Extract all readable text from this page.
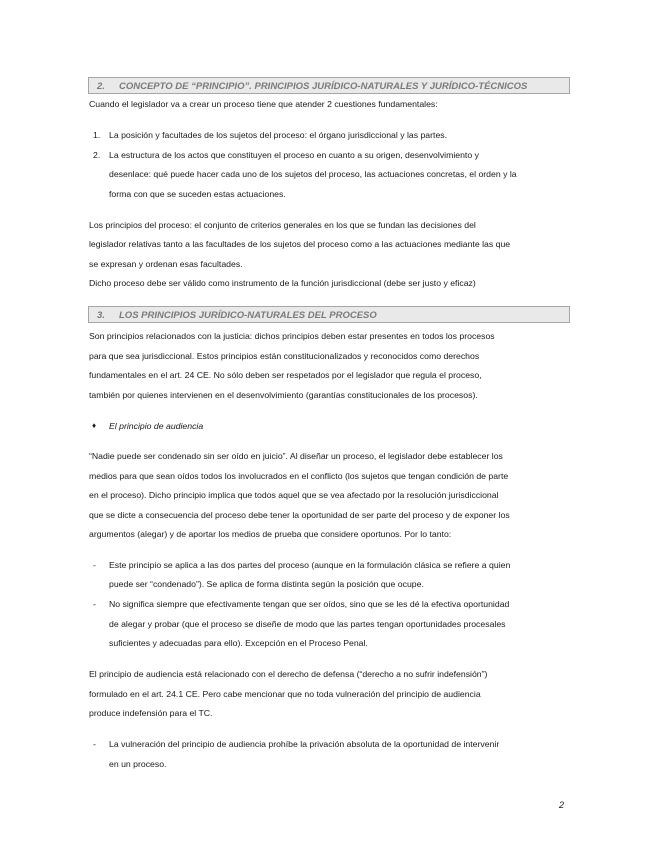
2. CONCEPTO DE “PRINCIPIO”. PRINCIPIOS JURÍDICO-NATURALES Y JURÍDICO-TÉCNICOS
Cuando el legislador va a crear un proceso tiene que atender 2 cuestiones fundamentales:
1. La posición y facultades de los sujetos del proceso: el órgano jurisdiccional y las partes.
2. La estructura de los actos que constituyen el proceso en cuanto a su origen, desenvolvimiento y
desenlace: qué puede hacer cada uno de los sujetos del proceso, las actuaciones concretas, el orden y la
forma con que se suceden estas actuaciones.
Los principios del proceso: el conjunto de criterios generales en los que se fundan las decisiones del
legislador relativas tanto a las facultades de los sujetos del proceso como a las actuaciones mediante las que
se expresan y ordenan esas facultades.
Dicho proceso debe ser válido como instrumento de la función jurisdiccional (debe ser justo y eficaz)
3. LOS PRINCIPIOS JURÍDICO-NATURALES DEL PROCESO
Son principios relacionados con la justicia: dichos principios deben estar presentes en todos los procesos
para que sea jurisdiccional. Estos principios están constitucionalizados y reconocidos como derechos
fundamentales en el art. 24 CE. No sólo deben ser respetados por el legislador que regula el proceso,
también por quienes intervienen en el desenvolvimiento (garantías constitucionales de los procesos).
♦ El principio de audiencia
“Nadie puede ser condenado sin ser oído en juicio”. Al diseñar un proceso, el legislador debe establecer los
medios para que sean oídos todos los involucrados en el conflicto (los sujetos que tengan condición de parte
en el proceso). Dicho principio implica que todos aquel que se vea afectado por la resolución jurisdiccional
que se dicte a consecuencia del proceso debe tener la oportunidad de ser parte del proceso y de exponer los
argumentos (alegar) y de aportar los medios de prueba que considere oportunos. Por lo tanto:
- Este principio se aplica a las dos partes del proceso (aunque en la formulación clásica se refiere a quien
puede ser “condenado”). Se aplica de forma distinta según la posición que ocupe.
- No significa siempre que efectivamente tengan que ser oídos, sino que se les dé la efectiva oportunidad
de alegar y probar (que el proceso se diseñe de modo que las partes tengan oportunidades procesales
suficientes y adecuadas para ello). Excepción en el Proceso Penal.
El principio de audiencia está relacionado con el derecho de defensa (“derecho a no sufrir indefensión”)
formulado en el art. 24.1 CE. Pero cabe mencionar que no toda vulneración del principio de audiencia
produce indefensión para el TC.
- La vulneración del principio de audiencia prohíbe la privación absoluta de la oportunidad de intervenir
en un proceso.
2
